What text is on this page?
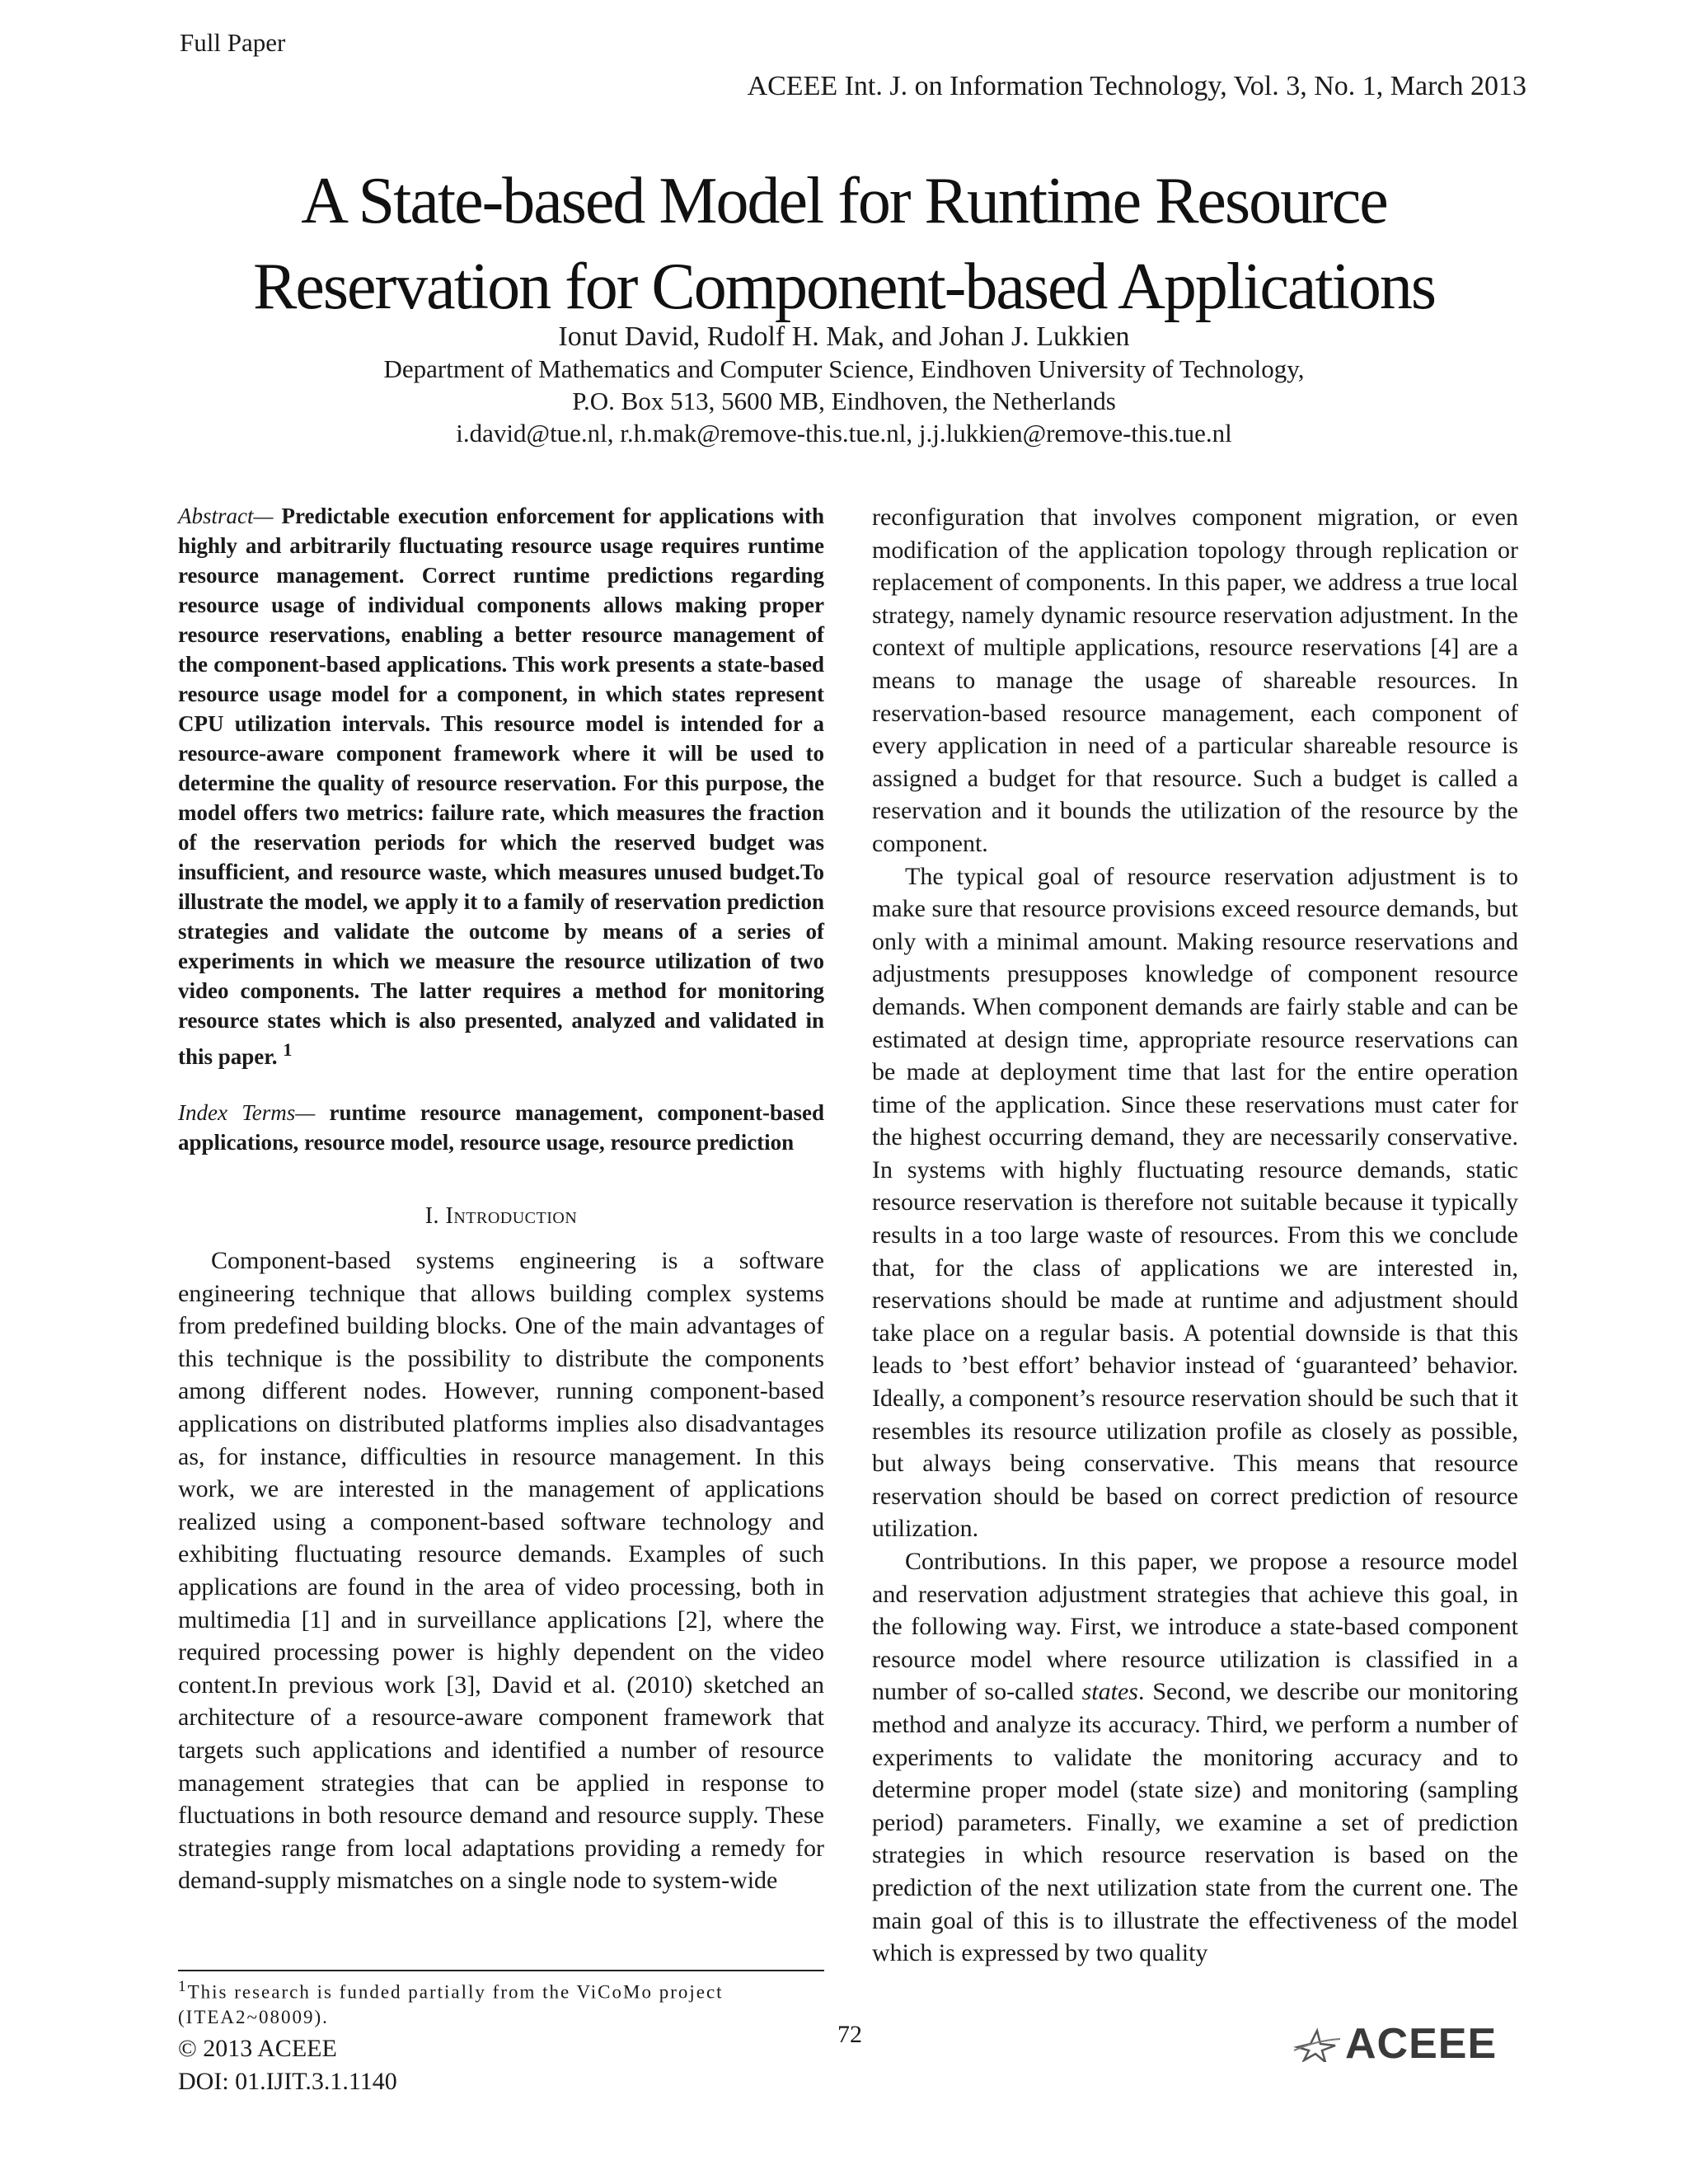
Full Paper
ACEEE Int. J. on Information Technology, Vol. 3, No. 1, March 2013
A State-based Model for Runtime Resource
Reservation for Component-based Applications
Ionut David, Rudolf H. Mak, and Johan J. Lukkien
Department of Mathematics and Computer Science, Eindhoven University of Technology,
P.O. Box 513, 5600 MB, Eindhoven, the Netherlands
i.david@tue.nl, r.h.mak@remove-this.tue.nl, j.j.lukkien@remove-this.tue.nl

Abstract— Predictable execution enforcement for applications with highly and arbitrarily fluctuating resource usage requires runtime resource management. Correct runtime predictions regarding resource usage of individual components allows making proper resource reservations, enabling a better resource management of the component-based applications. This work presents a state-based resource usage model for a component, in which states represent CPU utilization intervals. This resource model is intended for a resource-aware component framework where it will be used to determine the quality of resource reservation. For this purpose, the model offers two metrics: failure rate, which measures the fraction of the reservation periods for which the reserved budget was insufficient, and resource waste, which measures unused budget.To illustrate the model, we apply it to a family of reservation prediction strategies and validate the outcome by means of a series of experiments in which we measure the resource utilization of two video components. The latter requires a method for monitoring resource states which is also presented, analyzed and validated in this paper. $^1$

Index Terms— runtime resource management, component-based applications, resource model, resource usage, resource prediction

I. Introduction

Component-based systems engineering is a software engineering technique that allows building complex systems from predefined building blocks. One of the main advantages of this technique is the possibility to distribute the components among different nodes. However, running component-based applications on distributed platforms implies also disadvantages as, for instance, difficulties in resource management. In this work, we are interested in the management of applications realized using a component-based software technology and exhibiting fluctuating resource demands. Examples of such applications are found in the area of video processing, both in multimedia [1] and in surveillance applications [2], where the required processing power is highly dependent on the video content.In previous work [3], David et al. (2010) sketched an architecture of a resource-aware component framework that targets such applications and identified a number of resource management strategies that can be applied in response to fluctuations in both resource demand and resource supply. These strategies range from local adaptations providing a remedy for demand-supply mismatches on a single node to system-wide

reconfiguration that involves component migration, or even modification of the application topology through replication or replacement of components. In this paper, we address a true local strategy, namely dynamic resource reservation adjustment. In the context of multiple applications, resource reservations [4] are a means to manage the usage of shareable resources. In reservation-based resource management, each component of every application in need of a particular shareable resource is assigned a budget for that resource. Such a budget is called a reservation and it bounds the utilization of the resource by the component.

The typical goal of resource reservation adjustment is to make sure that resource provisions exceed resource demands, but only with a minimal amount. Making resource reservations and adjustments presupposes knowledge of component resource demands. When component demands are fairly stable and can be estimated at design time, appropriate resource reservations can be made at deployment time that last for the entire operation time of the application. Since these reservations must cater for the highest occurring demand, they are necessarily conservative. In systems with highly fluctuating resource demands, static resource reservation is therefore not suitable because it typically results in a too large waste of resources. From this we conclude that, for the class of applications we are interested in, reservations should be made at runtime and adjustment should take place on a regular basis. A potential downside is that this leads to ’best effort’ behavior instead of ‘guaranteed’ behavior. Ideally, a component’s resource reservation should be such that it resembles its resource utilization profile as closely as possible, but always being conservative. This means that resource reservation should be based on correct prediction of resource utilization.

Contributions. In this paper, we propose a resource model and reservation adjustment strategies that achieve this goal, in the following way. First, we introduce a state-based component resource model where resource utilization is classified in a number of so-called states. Second, we describe our monitoring method and analyze its accuracy. Third, we perform a number of experiments to validate the monitoring accuracy and to determine proper model (state size) and monitoring (sampling period) parameters. Finally, we examine a set of prediction strategies in which resource reservation is based on the prediction of the next utilization state from the current one. The main goal of this is to illustrate the effectiveness of the model which is expressed by two quality

$^1$This research is funded partially from the ViCoMo project (ITEA2~08009).
© 2013 ACEEE
DOI: 01.IJIT.3.1.1140
72	ACEEE
